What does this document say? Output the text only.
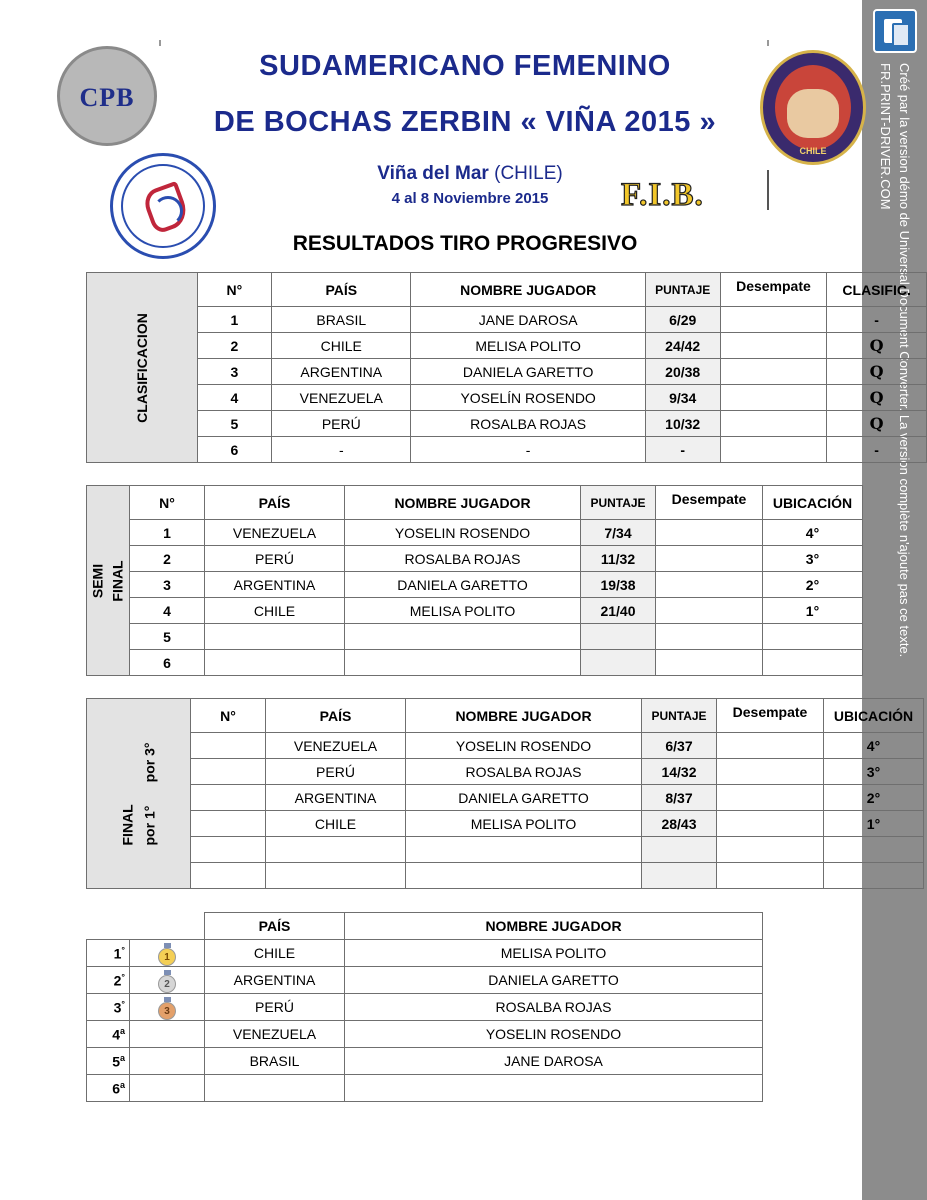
Créé par la version démo de Universal Document Converter. La version complète n'ajoute pas ce texte.
FR.PRINT-DRIVER.COM
CPB
CHILE
F.I.B.
SUDAMERICANO FEMENINO
DE BOCHAS ZERBIN « VIÑA 2015 »
Viña del Mar (CHILE)
4 al 8 Noviembre 2015
RESULTADOS TIRO PROGRESIVO
CLASIFICACION	N°	PAÍS	NOMBRE JUGADOR	PUNTAJE	Desempate	CLASIFIC.
	1	BRASIL	JANE DAROSA	6/29		-
	2	CHILE	MELISA POLITO	24/42		Q
	3	ARGENTINA	DANIELA GARETTO	20/38		Q
	4	VENEZUELA	YOSELÍN ROSENDO	9/34		Q
	5	PERÚ	ROSALBA ROJAS	10/32		Q
	6	-	-	-		-
SEMI FINAL	N°	PAÍS	NOMBRE JUGADOR	PUNTAJE	Desempate	UBICACIÓN
	1	VENEZUELA	YOSELIN ROSENDO	7/34		4°
	2	PERÚ	ROSALBA ROJAS	11/32		3°
	3	ARGENTINA	DANIELA GARETTO	19/38		2°
	4	CHILE	MELISA POLITO	21/40		1°
	5					
	6					
FINAL por 1°      por 3°	N°	PAÍS	NOMBRE JUGADOR	PUNTAJE	Desempate	UBICACIÓN
		VENEZUELA	YOSELIN ROSENDO	6/37		4°
		PERÚ	ROSALBA ROJAS	14/32		3°
		ARGENTINA	DANIELA GARETTO	8/37		2°
		CHILE	MELISA POLITO	28/43		1°

		PAÍS	NOMBRE JUGADOR
1°	1	CHILE	MELISA POLITO
2°	2	ARGENTINA	DANIELA GARETTO
3°	3	PERÚ	ROSALBA ROJAS
4$^a$		VENEZUELA	YOSELIN ROSENDO
5$^a$		BRASIL	JANE DAROSA
6$^a$			
